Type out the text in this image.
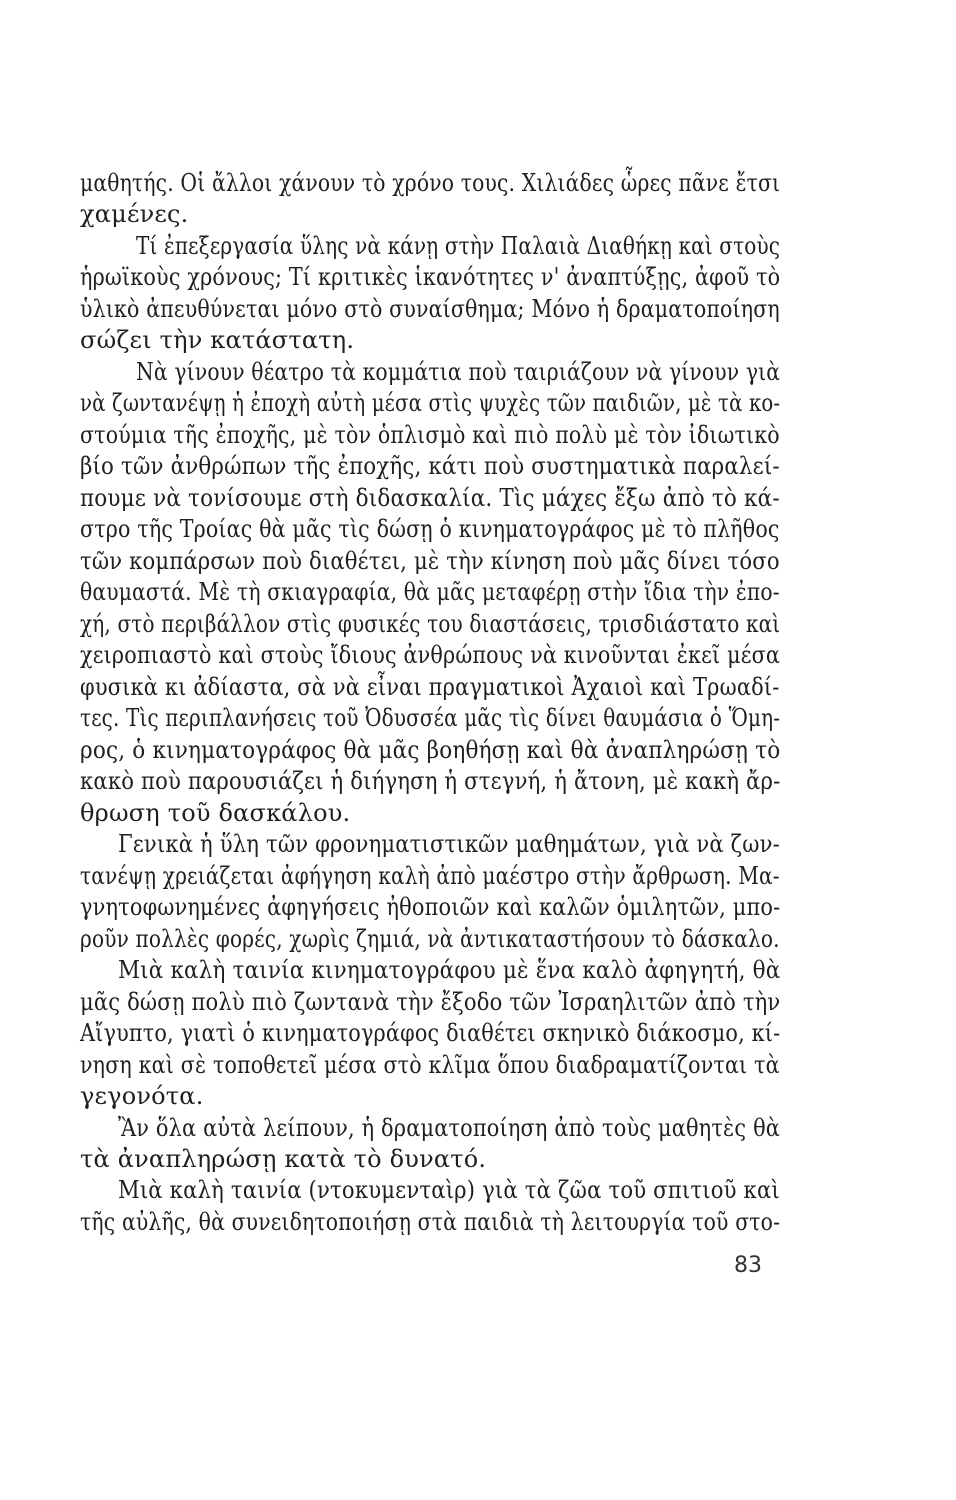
μαθητής. Οἱ ἄλλοι χάνουν τὸ χρόνο τους. Χιλιάδες ὧρες πᾶνε ἔτσι
χαμένες.
Τί ἐπεξεργασία ὕλης νὰ κάνῃ στὴν Παλαιὰ Διαθήκῃ καὶ στοὺς
ἡρωϊκοὺς χρόνους; Τί κριτικὲς ἱκανότητες ν' ἀναπτύξῃς, ἀφοῦ τὸ
ὑλικὸ ἀπευθύνεται μόνο στὸ συναίσθημα; Μόνο ἡ δραματοποίηση
σώζει τὴν κατάστατη.
Νὰ γίνουν θέατρο τὰ κομμάτια ποὺ ταιριάζουν νὰ γίνουν γιὰ
νὰ ζωντανέψῃ ἡ ἐποχὴ αὐτὴ μέσα στὶς ψυχὲς τῶν παιδιῶν, μὲ τὰ κο-
στούμια τῆς ἐποχῆς, μὲ τὸν ὁπλισμὸ καὶ πιὸ πολὺ μὲ τὸν ἰδιωτικὸ
βίο τῶν ἀνθρώπων τῆς ἐποχῆς, κάτι ποὺ συστηματικὰ παραλεί-
πουμε νὰ τονίσουμε στὴ διδασκαλία. Τὶς μάχες ἔξω ἀπὸ τὸ κά-
στρο τῆς Τροίας θὰ μᾶς τὶς δώσῃ ὁ κινηματογράφος μὲ τὸ πλῆθος
τῶν κομπάρσων ποὺ διαθέτει, μὲ τὴν κίνηση ποὺ μᾶς δίνει τόσο
θαυμαστά. Μὲ τὴ σκιαγραφία, θὰ μᾶς μεταφέρῃ στὴν ἴδια τὴν ἐπο-
χή, στὸ περιβάλλον στὶς φυσικές του διαστάσεις, τρισδιάστατο καὶ
χειροπιαστὸ καὶ στοὺς ἴδιους ἀνθρώπους νὰ κινοῦνται ἐκεῖ μέσα
φυσικὰ κι ἀδίαστα, σὰ νὰ εἶναι πραγματικοὶ Ἀχαιοὶ καὶ Τρωαδί-
τες. Τὶς περιπλανήσεις τοῦ Ὀδυσσέα μᾶς τὶς δίνει θαυμάσια ὁ Ὅμη-
ρος, ὁ κινηματογράφος θὰ μᾶς βοηθήσῃ καὶ θὰ ἀναπληρώσῃ τὸ
κακὸ ποὺ παρουσιάζει ἡ διήγηση ἡ στεγνή, ἡ ἄτονη, μὲ κακὴ ἄρ-
θρωση τοῦ δασκάλου.
Γενικὰ ἡ ὕλη τῶν φρονηματιστικῶν μαθημάτων, γιὰ νὰ ζων-
τανέψῃ χρειάζεται ἀφήγηση καλὴ ἀπὸ μαέστρο στὴν ἄρθρωση. Μα-
γνητοφωνημένες ἀφηγήσεις ἠθοποιῶν καὶ καλῶν ὁμιλητῶν, μπο-
ροῦν πολλὲς φορές, χωρὶς ζημιά, νὰ ἀντικαταστήσουν τὸ δάσκαλο.
Μιὰ καλὴ ταινία κινηματογράφου μὲ ἕνα καλὸ ἀφηγητή, θὰ
μᾶς δώσῃ πολὺ πιὸ ζωντανὰ τὴν ἔξοδο τῶν Ἰσραηλιτῶν ἀπὸ τὴν
Αἴγυπτο, γιατὶ ὁ κινηματογράφος διαθέτει σκηνικὸ διάκοσμο, κί-
νηση καὶ σὲ τοποθετεῖ μέσα στὸ κλῖμα ὅπου διαδραματίζονται τὰ
γεγονότα.
Ἂν ὅλα αὐτὰ λείπουν, ἡ δραματοποίηση ἀπὸ τοὺς μαθητὲς θὰ
τὰ ἀναπληρώσῃ κατὰ τὸ δυνατό.
Μιὰ καλὴ ταινία (ντοκυμενταὶρ) γιὰ τὰ ζῶα τοῦ σπιτιοῦ καὶ
τῆς αὐλῆς, θὰ συνειδητοποιήσῃ στὰ παιδιὰ τὴ λειτουργία τοῦ στο-
83
